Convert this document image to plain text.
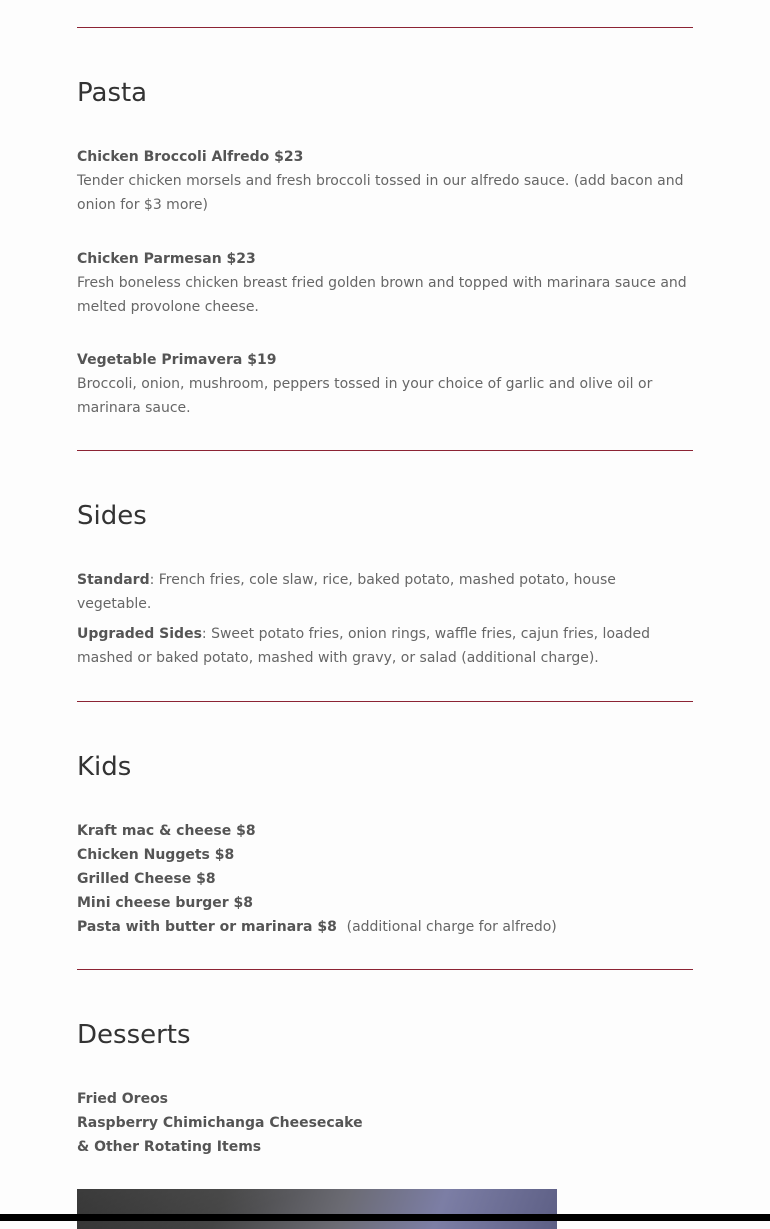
Pasta
Chicken Broccoli Alfredo $23
Tender chicken morsels and fresh broccoli tossed in our alfredo sauce. (add bacon and onion for $3 more)
Chicken Parmesan $23
Fresh boneless chicken breast fried golden brown and topped with marinara sauce and melted provolone cheese.
Vegetable Primavera $19
Broccoli, onion, mushroom, peppers tossed in your choice of garlic and olive oil or marinara sauce.
Sides
Standard: French fries, cole slaw, rice, baked potato, mashed potato, house vegetable.
Upgraded Sides: Sweet potato fries, onion rings, waffle fries, cajun fries, loaded mashed or baked potato, mashed with gravy, or salad (additional charge).
Kids
Kraft mac & cheese $8
Chicken Nuggets $8
Grilled Cheese $8
Mini cheese burger $8
Pasta with butter or marinara $8 (additional charge for alfredo)
Desserts
Fried Oreos
Raspberry Chimichanga Cheesecake
& Other Rotating Items
